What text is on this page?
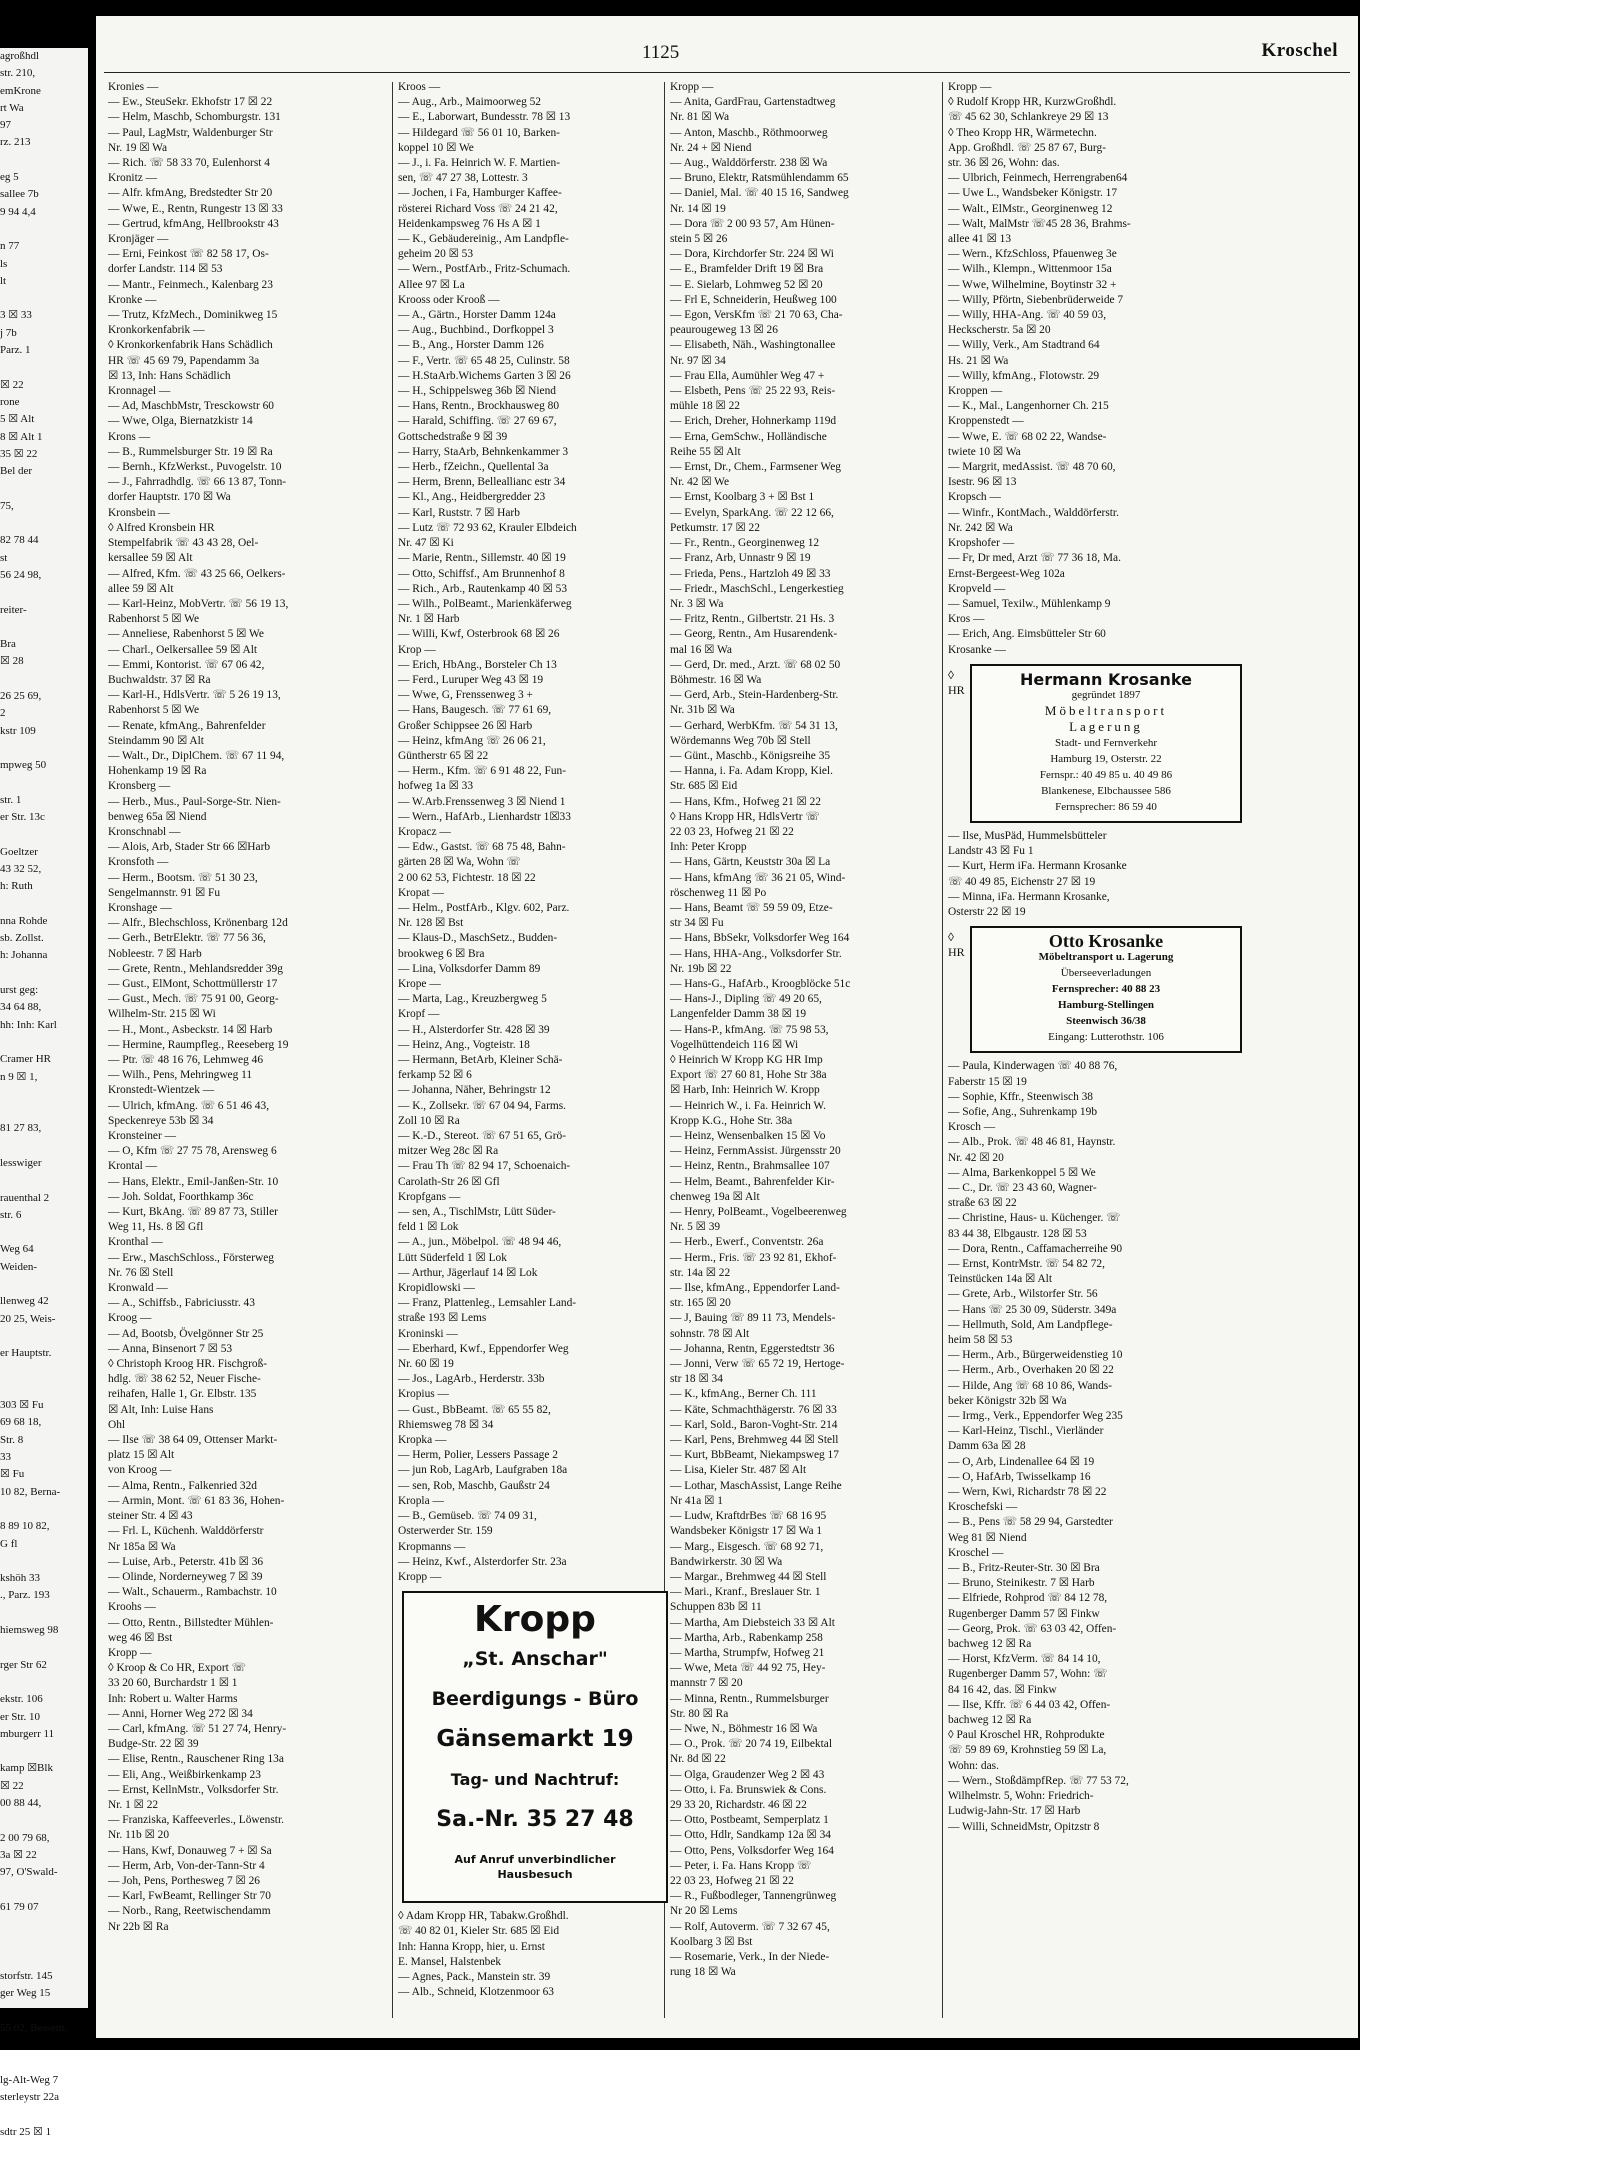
agroßhdl
str. 210,
emKrone
rt Wa
97
rz. 213

eg 5
sallee 7b
9 94 4,4

n 77
ls
lt

3 ☒ 33
j 7b
Parz. 1

☒ 22
rone
5 ☒ Alt
8 ☒ Alt 1
35 ☒ 22
Bel der

75,

82 78 44
st
56 24 98,

reiter-

Bra
☒ 28

26 25 69,
2
kstr 109

mpweg 50

str. 1
er Str. 13c

Goeltzer
43 32 52,
h: Ruth

nna Rohde
sb. Zollst.
h: Johanna

urst geg:
34 64 88,
hh: Inh: Karl

Cramer HR
n 9 ☒ 1,

81 27 83,

lesswiger

rauenthal 2
str. 6

Weg 64
Weiden-

llenweg 42
20 25, Weis-

er Hauptstr.

303 ☒ Fu
69 68 18,
Str. 8
33
☒ Fu
10 82, Berna-

8 89 10 82,
G fl

kshöh 33
., Parz. 193

hiemsweg 98

rger Str 62

ekstr. 106
er Str. 10
mburgerr 11

kamp ☒Blk
☒ 22
00 88 44,

2 00 79 68,
3a ☒ 22
97, O'Swald-

61 79 07

storfstr. 145
ger Weg 15

55 02, Bessem.

lg-Alt-Weg 7
sterleystr 22a

sdtr 25 ☒ 1
1125	Kroschel
Kronies —
— Ew., SteuSekr. Ekhofstr 17 ☒ 22
— Helm, Maschb, Schomburgstr. 131
— Paul, LagMstr, Waldenburger Str
Nr. 19 ☒ Wa
— Rich. ☏ 58 33 70, Eulenhorst 4
Kronitz —
— Alfr. kfmAng, Bredstedter Str 20
— Wwe, E., Rentn, Rungestr 13 ☒ 33
— Gertrud, kfmAng, Hellbrookstr 43
Kronjäger —
— Erni, Feinkost ☏ 82 58 17, Os-
dorfer Landstr. 114 ☒ 53
— Mantr., Feinmech., Kalenbarg 23
Kronke —
— Trutz, KfzMech., Dominikweg 15
Kronkorkenfabrik —
◊ Kronkorkenfabrik Hans Schädlich
HR ☏ 45 69 79, Papendamm 3a
☒ 13, Inh: Hans Schädlich
Kronnagel —
— Ad, MaschbMstr, Tresckowstr 60
— Wwe, Olga, Biernatzkistr 14
Krons —
— B., Rummelsburger Str. 19 ☒ Ra
— Bernh., KfzWerkst., Puvogelstr. 10
— J., Fahrradhdlg. ☏ 66 13 87, Tonn-
dorfer Hauptstr. 170 ☒ Wa
Kronsbein —
◊ Alfred Kronsbein HR
Stempelfabrik ☏ 43 43 28, Oel-
kersallee 59 ☒ Alt
— Alfred, Kfm. ☏ 43 25 66, Oelkers-
allee 59 ☒ Alt
— Karl-Heinz, MobVertr. ☏ 56 19 13,
Rabenhorst 5 ☒ We
— Anneliese, Rabenhorst 5 ☒ We
— Charl., Oelkersallee 59 ☒ Alt
— Emmi, Kontorist. ☏ 67 06 42,
Buchwaldstr. 37 ☒ Ra
— Karl-H., HdlsVertr. ☏ 5 26 19 13,
Rabenhorst 5 ☒ We
— Renate, kfmAng., Bahrenfelder
Steindamm 90 ☒ Alt
— Walt., Dr., DiplChem. ☏ 67 11 94,
Hohenkamp 19 ☒ Ra
Kronsberg —
— Herb., Mus., Paul-Sorge-Str. Nien-
benweg 65a ☒ Niend
Kronschnabl —
— Alois, Arb, Stader Str 66 ☒Harb
Kronsfoth —
— Herm., Bootsm. ☏ 51 30 23,
Sengelmannstr. 91 ☒ Fu
Kronshage —
— Alfr., Blechschloss, Krönenbarg 12d
— Gerh., BetrElektr. ☏ 77 56 36,
Nobleestr. 7 ☒ Harb
— Grete, Rentn., Mehlandsredder 39g
— Gust., ElMont, Schottmüllerstr 17
— Gust., Mech. ☏ 75 91 00, Georg-
Wilhelm-Str. 215 ☒ Wi
— H., Mont., Asbeckstr. 14 ☒ Harb
— Hermine, Raumpfleg., Reeseberg 19
— Ptr. ☏ 48 16 76, Lehmweg 46
— Wilh., Pens, Mehringweg 11
Kronstedt-Wientzek —
— Ulrich, kfmAng. ☏ 6 51 46 43,
Speckenreye 53b ☒ 34
Kronsteiner —
— O, Kfm ☏ 27 75 78, Arensweg 6
Krontal —
— Hans, Elektr., Emil-Janßen-Str. 10
— Joh. Soldat, Foorthkamp 36c
— Kurt, BkAng. ☏ 89 87 73, Stiller
Weg 11, Hs. 8 ☒ Gfl
Kronthal —
— Erw., MaschSchloss., Försterweg
Nr. 76 ☒ Stell
Kronwald —
— A., Schiffsb., Fabriciusstr. 43
Kroog —
— Ad, Bootsb, Övelgönner Str 25
— Anna, Binsenort 7 ☒ 53
◊ Christoph Kroog HR. Fischgroß-
hdlg. ☏ 38 62 52, Neuer Fische-
reihafen, Halle 1, Gr. Elbstr. 135
☒ Alt, Inh: Luise Hans
Ohl
— Ilse ☏ 38 64 09, Ottenser Markt-
platz 15 ☒ Alt
von Kroog —
— Alma, Rentn., Falkenried 32d
— Armin, Mont. ☏ 61 83 36, Hohen-
steiner Str. 4 ☒ 43
— Frl. L, Küchenh. Walddörferstr
Nr 185a ☒ Wa
— Luise, Arb., Peterstr. 41b ☒ 36
— Olinde, Norderneyweg 7 ☒ 39
— Walt., Schauerm., Rambachstr. 10
Kroohs —
— Otto, Rentn., Billstedter Mühlen-
weg 46 ☒ Bst
Kropp —
◊ Kroop & Co HR, Export ☏
33 20 60, Burchardstr 1 ☒ 1
Inh: Robert u. Walter Harms
— Anni, Horner Weg 272 ☒ 34
— Carl, kfmAng. ☏ 51 27 74, Henry-
Budge-Str. 22 ☒ 39
— Elise, Rentn., Rauschener Ring 13a
— Eli, Ang., Weißbirkenkamp 23
— Ernst, KellnMstr., Volksdorfer Str.
Nr. 1 ☒ 22
— Franziska, Kaffeeverles., Löwenstr.
Nr. 11b ☒ 20
— Hans, Kwf, Donauweg 7 + ☒ Sa
— Herm, Arb, Von-der-Tann-Str 4
— Joh, Pens, Porthesweg 7 ☒ 26
— Karl, FwBeamt, Rellinger Str 70
— Norb., Rang, Reetwischendamm
Nr 22b ☒ Ra
Kroos —
— Aug., Arb., Maimoorweg 52
— E., Laborwart, Bundesstr. 78 ☒ 13
— Hildegard ☏ 56 01 10, Barken-
koppel 10 ☒ We
— J., i. Fa. Heinrich W. F. Martien-
sen, ☏ 47 27 38, Lottestr. 3
— Jochen, i Fa, Hamburger Kaffee-
rösterei Richard Voss ☏ 24 21 42,
Heidenkampsweg 76 Hs A ☒ 1
— K., Gebäudereinig., Am Landpfle-
geheim 20 ☒ 53
— Wern., PostfArb., Fritz-Schumach.
Allee 97 ☒ La
Krooss oder Krooß —
— A., Gärtn., Horster Damm 124a
— Aug., Buchbind., Dorfkoppel 3
— B., Ang., Horster Damm 126
— F., Vertr. ☏ 65 48 25, Culinstr. 58
— H.StaArb.Wichems Garten 3 ☒ 26
— H., Schippelsweg 36b ☒ Niend
— Hans, Rentn., Brockhausweg 80
— Harald, Schiffing. ☏ 27 69 67,
Gottschedstraße 9 ☒ 39
— Harry, StaArb, Behnkenkammer 3
— Herb., fZeichn., Quellental 3a
— Herm, Brenn, Belleallianc estr 34
— Kl., Ang., Heidbergredder 23
— Karl, Ruststr. 7 ☒ Harb
— Lutz ☏ 72 93 62, Krauler Elbdeich
Nr. 47 ☒ Ki
— Marie, Rentn., Sillemstr. 40 ☒ 19
— Otto, Schiffsf., Am Brunnenhof 8
— Rich., Arb., Rautenkamp 40 ☒ 53
— Wilh., PolBeamt., Marienkäferweg
Nr. 1 ☒ Harb
— Willi, Kwf, Osterbrook 68 ☒ 26
Krop —
— Erich, HbAng., Borsteler Ch 13
— Ferd., Luruper Weg 43 ☒ 19
— Wwe, G, Frenssenweg 3 +
— Hans, Baugesch. ☏ 77 61 69,
Großer Schippsee 26 ☒ Harb
— Heinz, kfmAng ☏ 26 06 21,
Güntherstr 65 ☒ 22
— Herm., Kfm. ☏ 6 91 48 22, Fun-
hofweg 1a ☒ 33
— W.Arb.Frenssenweg 3 ☒ Niend 1
— Wern., HafArb., Lienhardstr 1☒33
Kropacz —
— Edw., Gastst. ☏ 68 75 48, Bahn-
gärten 28 ☒ Wa, Wohn ☏
2 00 62 53, Fichtestr. 18 ☒ 22
Kropat —
— Helm., PostfArb., Klgv. 602, Parz.
Nr. 128 ☒ Bst
— Klaus-D., MaschSetz., Budden-
brookweg 6 ☒ Bra
— Lina, Volksdorfer Damm 89
Krope —
— Marta, Lag., Kreuzbergweg 5
Kropf —
— H., Alsterdorfer Str. 428 ☒ 39
— Heinz, Ang., Vogteistr. 18
— Hermann, BetArb, Kleiner Schä-
ferkamp 52 ☒ 6
— Johanna, Näher, Behringstr 12
— K., Zollsekr. ☏ 67 04 94, Farms.
Zoll 10 ☒ Ra
— K.-D., Stereot. ☏ 67 51 65, Grö-
mitzer Weg 28c ☒ Ra
— Frau Th ☏ 82 94 17, Schoenaich-
Carolath-Str 26 ☒ Gfl
Kropfgans —
— sen, A., TischlMstr, Lütt Süder-
feld 1 ☒ Lok
— A., jun., Möbelpol. ☏ 48 94 46,
Lütt Süderfeld 1 ☒ Lok
— Arthur, Jägerlauf 14 ☒ Lok
Kropidlowski —
— Franz, Plattenleg., Lemsahler Land-
straße 193 ☒ Lems
Kroninski —
— Eberhard, Kwf., Eppendorfer Weg
Nr. 60 ☒ 19
— Jos., LagArb., Herderstr. 33b
Kropius —
— Gust., BbBeamt. ☏ 65 55 82,
Rhiemsweg 78 ☒ 34
Kropka —
— Herm, Polier, Lessers Passage 2
— jun Rob, LagArb, Laufgraben 18a
— sen, Rob, Maschb, Gaußstr 24
Kropla —
— B., Gemüseb. ☏ 74 09 31,
Osterwerder Str. 159
Kropmanns —
— Heinz, Kwf., Alsterdorfer Str. 23a
Kropp —
Kropp
„St. Anschar"
Beerdigungs - Büro
Gänsemarkt 19
Tag- und Nachtruf:
Sa.-Nr. 35 27 48
Auf Anruf unverbindlicher
Hausbesuch
◊ Adam Kropp HR, Tabakw.Großhdl.
☏ 40 82 01, Kieler Str. 685 ☒ Eid
Inh: Hanna Kropp, hier, u. Ernst
E. Mansel, Halstenbek
— Agnes, Pack., Manstein str. 39
— Alb., Schneid, Klotzenmoor 63
Kropp —
— Anita, GardFrau, Gartenstadtweg
Nr. 81 ☒ Wa
— Anton, Maschb., Röthmoorweg
Nr. 24 + ☒ Niend
— Aug., Walddörferstr. 238 ☒ Wa
— Bruno, Elektr, Ratsmühlendamm 65
— Daniel, Mal. ☏ 40 15 16, Sandweg
Nr. 14 ☒ 19
— Dora ☏ 2 00 93 57, Am Hünen-
stein 5 ☒ 26
— Dora, Kirchdorfer Str. 224 ☒ Wi
— E., Bramfelder Drift 19 ☒ Bra
— E. Sielarb, Lohmweg 52 ☒ 20
— Frl E, Schneiderin, Heußweg 100
— Egon, VersKfm ☏ 21 70 63, Cha-
peaurougeweg 13 ☒ 26
— Elisabeth, Näh., Washingtonallee
Nr. 97 ☒ 34
— Frau Ella, Aumühler Weg 47 +
— Elsbeth, Pens ☏ 25 22 93, Reis-
mühle 18 ☒ 22
— Erich, Dreher, Hohnerkamp 119d
— Erna, GemSchw., Holländische
Reihe 55 ☒ Alt
— Ernst, Dr., Chem., Farmsener Weg
Nr. 42 ☒ We
— Ernst, Koolbarg 3 + ☒ Bst 1
— Evelyn, SparkAng. ☏ 22 12 66,
Petkumstr. 17 ☒ 22
— Fr., Rentn., Georginenweg 12
— Franz, Arb, Unnastr 9 ☒ 19
— Frieda, Pens., Hartzloh 49 ☒ 33
— Friedr., MaschSchl., Lengerkestieg
Nr. 3 ☒ Wa
— Fritz, Rentn., Gilbertstr. 21 Hs. 3
— Georg, Rentn., Am Husarendenk-
mal 16 ☒ Wa
— Gerd, Dr. med., Arzt. ☏ 68 02 50
Böhmestr. 16 ☒ Wa
— Gerd, Arb., Stein-Hardenberg-Str.
Nr. 31b ☒ Wa
— Gerhard, WerbKfm. ☏ 54 31 13,
Wördemanns Weg 70b ☒ Stell
— Günt., Maschb., Königsreihe 35
— Hanna, i. Fa. Adam Kropp, Kiel.
Str. 685 ☒ Eid
— Hans, Kfm., Hofweg 21 ☒ 22
◊ Hans Kropp HR, HdlsVertr ☏
22 03 23, Hofweg 21 ☒ 22
Inh: Peter Kropp
— Hans, Gärtn, Keuststr 30a ☒ La
— Hans, kfmAng ☏ 36 21 05, Wind-
röschenweg 11 ☒ Po
— Hans, Beamt ☏ 59 59 09, Etze-
str 34 ☒ Fu
— Hans, BbSekr, Volksdorfer Weg 164
— Hans, HHA-Ang., Volksdorfer Str.
Nr. 19b ☒ 22
— Hans-G., HafArb., Kroogblöcke 51c
— Hans-J., Dipling ☏ 49 20 65,
Langenfelder Damm 38 ☒ 19
— Hans-P., kfmAng. ☏ 75 98 53,
Vogelhüttendeich 116 ☒ Wi
◊ Heinrich W Kropp KG HR Imp
Export ☏ 27 60 81, Hohe Str 38a
☒ Harb, Inh: Heinrich W. Kropp
— Heinrich W., i. Fa. Heinrich W.
Kropp K.G., Hohe Str. 38a
— Heinz, Wensenbalken 15 ☒ Vo
— Heinz, FernmAssist. Jürgensstr 20
— Heinz, Rentn., Brahmsallee 107
— Helm, Beamt., Bahrenfelder Kir-
chenweg 19a ☒ Alt
— Henry, PolBeamt., Vogelbeerenweg
Nr. 5 ☒ 39
— Herb., Ewerf., Conventstr. 26a
— Herm., Fris. ☏ 23 92 81, Ekhof-
str. 14a ☒ 22
— Ilse, kfmAng., Eppendorfer Land-
str. 165 ☒ 20
— J, Bauing ☏ 89 11 73, Mendels-
sohnstr. 78 ☒ Alt
— Johanna, Rentn, Eggerstedtstr 36
— Jonni, Verw ☏ 65 72 19, Hertoge-
str 18 ☒ 34
— K., kfmAng., Berner Ch. 111
— Käte, Schmachthägerstr. 76 ☒ 33
— Karl, Sold., Baron-Voght-Str. 214
— Karl, Pens, Brehmweg 44 ☒ Stell
— Kurt, BbBeamt, Niekampsweg 17
— Lisa, Kieler Str. 487 ☒ Alt
— Lothar, MaschAssist, Lange Reihe
Nr 41a ☒ 1
— Ludw, KraftdrBes ☏ 68 16 95
Wandsbeker Königstr 17 ☒ Wa 1
— Marg., Eisgesch. ☏ 68 92 71,
Bandwirkerstr. 30 ☒ Wa
— Margar., Brehmweg 44 ☒ Stell
— Mari., Kranf., Breslauer Str. 1
Schuppen 83b ☒ 11
— Martha, Am Diebsteich 33 ☒ Alt
— Martha, Arb., Rabenkamp 258
— Martha, Strumpfw, Hofweg 21
— Wwe, Meta ☏ 44 92 75, Hey-
mannstr 7 ☒ 20
— Minna, Rentn., Rummelsburger
Str. 80 ☒ Ra
— Nwe, N., Böhmestr 16 ☒ Wa
— O., Prok. ☏ 20 74 19, Eilbektal
Nr. 8d ☒ 22
— Olga, Graudenzer Weg 2 ☒ 43
— Otto, i. Fa. Brunswiek & Cons.
29 33 20, Richardstr. 46 ☒ 22
— Otto, Postbeamt, Semperplatz 1
— Otto, Hdlr, Sandkamp 12a ☒ 34
— Otto, Pens, Volksdorfer Weg 164
— Peter, i. Fa. Hans Kropp ☏
22 03 23, Hofweg 21 ☒ 22
— R., Fußbodleger, Tannengrünweg
Nr 20 ☒ Lems
— Rolf, Autoverm. ☏ 7 32 67 45,
Koolbarg 3 ☒ Bst
— Rosemarie, Verk., In der Niede-
rung 18 ☒ Wa
Kropp —
◊ Rudolf Kropp HR, KurzwGroßhdl.
☏ 45 62 30, Schlankreye 29 ☒ 13
◊ Theo Kropp HR, Wärmetechn.
App. Großhdl. ☏ 25 87 67, Burg-
str. 36 ☒ 26, Wohn: das.
— Ulbrich, Feinmech, Herrengraben64
— Uwe L., Wandsbeker Königstr. 17
— Walt., ElMstr., Georginenweg 12
— Walt, MalMstr ☏45 28 36, Brahms-
allee 41 ☒ 13
— Wern., KfzSchloss, Pfauenweg 3e
— Wilh., Klempn., Wittenmoor 15a
— Wwe, Wilhelmine, Boytinstr 32 +
— Willy, Pförtn, Siebenbrüderweide 7
— Willy, HHA-Ang. ☏ 40 59 03,
Heckscherstr. 5a ☒ 20
— Willy, Verk., Am Stadtrand 64
Hs. 21 ☒ Wa
— Willy, kfmAng., Flotowstr. 29
Kroppen —
— K., Mal., Langenhorner Ch. 215
Kroppenstedt —
— Wwe, E. ☏ 68 02 22, Wandse-
twiete 10 ☒ Wa
— Margrit, medAssist. ☏ 48 70 60,
Isestr. 96 ☒ 13
Kropsch —
— Winfr., KontMach., Walddörferstr.
Nr. 242 ☒ Wa
Kropshofer —
— Fr, Dr med, Arzt ☏ 77 36 18, Ma.
Ernst-Bergeest-Weg 102a
Kropveld —
— Samuel, Texilw., Mühlenkamp 9
Kros —
— Erich, Ang. Eimsbütteler Str 60
Krosanke —
◊ HR
Hermann Krosanke
gegründet 1897
Möbeltransport
Lagerung
Stadt- und Fernverkehr
Hamburg 19, Osterstr. 22
Fernspr.: 40 49 85 u. 40 49 86
Blankenese, Elbchaussee 586
Fernsprecher: 86 59 40
— Ilse, MusPäd, Hummelsbütteler
Landstr 43 ☒ Fu 1
— Kurt, Herm iFa. Hermann Krosanke
☏ 40 49 85, Eichenstr 27 ☒ 19
— Minna, iFa. Hermann Krosanke,
Osterstr 22 ☒ 19
◊ HR
Otto Krosanke
Möbeltransport u. Lagerung
Überseeverladungen
Fernsprecher: 40 88 23
Hamburg-Stellingen
Steenwisch 36/38
Eingang: Lutterothstr. 106
— Paula, Kinderwagen ☏ 40 88 76,
Faberstr 15 ☒ 19
— Sophie, Kffr., Steenwisch 38
— Sofie, Ang., Suhrenkamp 19b
Krosch —
— Alb., Prok. ☏ 48 46 81, Haynstr.
Nr. 42 ☒ 20
— Alma, Barkenkoppel 5 ☒ We
— C., Dr. ☏ 23 43 60, Wagner-
straße 63 ☒ 22
— Christine, Haus- u. Küchenger. ☏
83 44 38, Elbgaustr. 128 ☒ 53
— Dora, Rentn., Caffamacherreihe 90
— Ernst, KontrMstr. ☏ 54 82 72,
Teinstücken 14a ☒ Alt
— Grete, Arb., Wilstorfer Str. 56
— Hans ☏ 25 30 09, Süderstr. 349a
— Hellmuth, Sold, Am Landpflege-
heim 58 ☒ 53
— Herm., Arb., Bürgerweidenstieg 10
— Herm., Arb., Overhaken 20 ☒ 22
— Hilde, Ang ☏ 68 10 86, Wands-
beker Königstr 32b ☒ Wa
— Irmg., Verk., Eppendorfer Weg 235
— Karl-Heinz, Tischl., Vierländer
Damm 63a ☒ 28
— O, Arb, Lindenallee 64 ☒ 19
— O, HafArb, Twisselkamp 16
— Wern, Kwi, Richardstr 78 ☒ 22
Kroschefski —
— B., Pens ☏ 58 29 94, Garstedter
Weg 81 ☒ Niend
Kroschel —
— B., Fritz-Reuter-Str. 30 ☒ Bra
— Bruno, Steinikestr. 7 ☒ Harb
— Elfriede, Rohprod ☏ 84 12 78,
Rugenberger Damm 57 ☒ Finkw
— Georg, Prok. ☏ 63 03 42, Offen-
bachweg 12 ☒ Ra
— Horst, KfzVerm. ☏ 84 14 10,
Rugenberger Damm 57, Wohn: ☏
84 16 42, das. ☒ Finkw
— Ilse, Kffr. ☏ 6 44 03 42, Offen-
bachweg 12 ☒ Ra
◊ Paul Kroschel HR, Rohprodukte
☏ 59 89 69, Krohnstieg 59 ☒ La,
Wohn: das.
— Wern., StoßdämpfRep. ☏ 77 53 72,
Wilhelmstr. 5, Wohn: Friedrich-
Ludwig-Jahn-Str. 17 ☒ Harb
— Willi, SchneidMstr, Opitzstr 8
